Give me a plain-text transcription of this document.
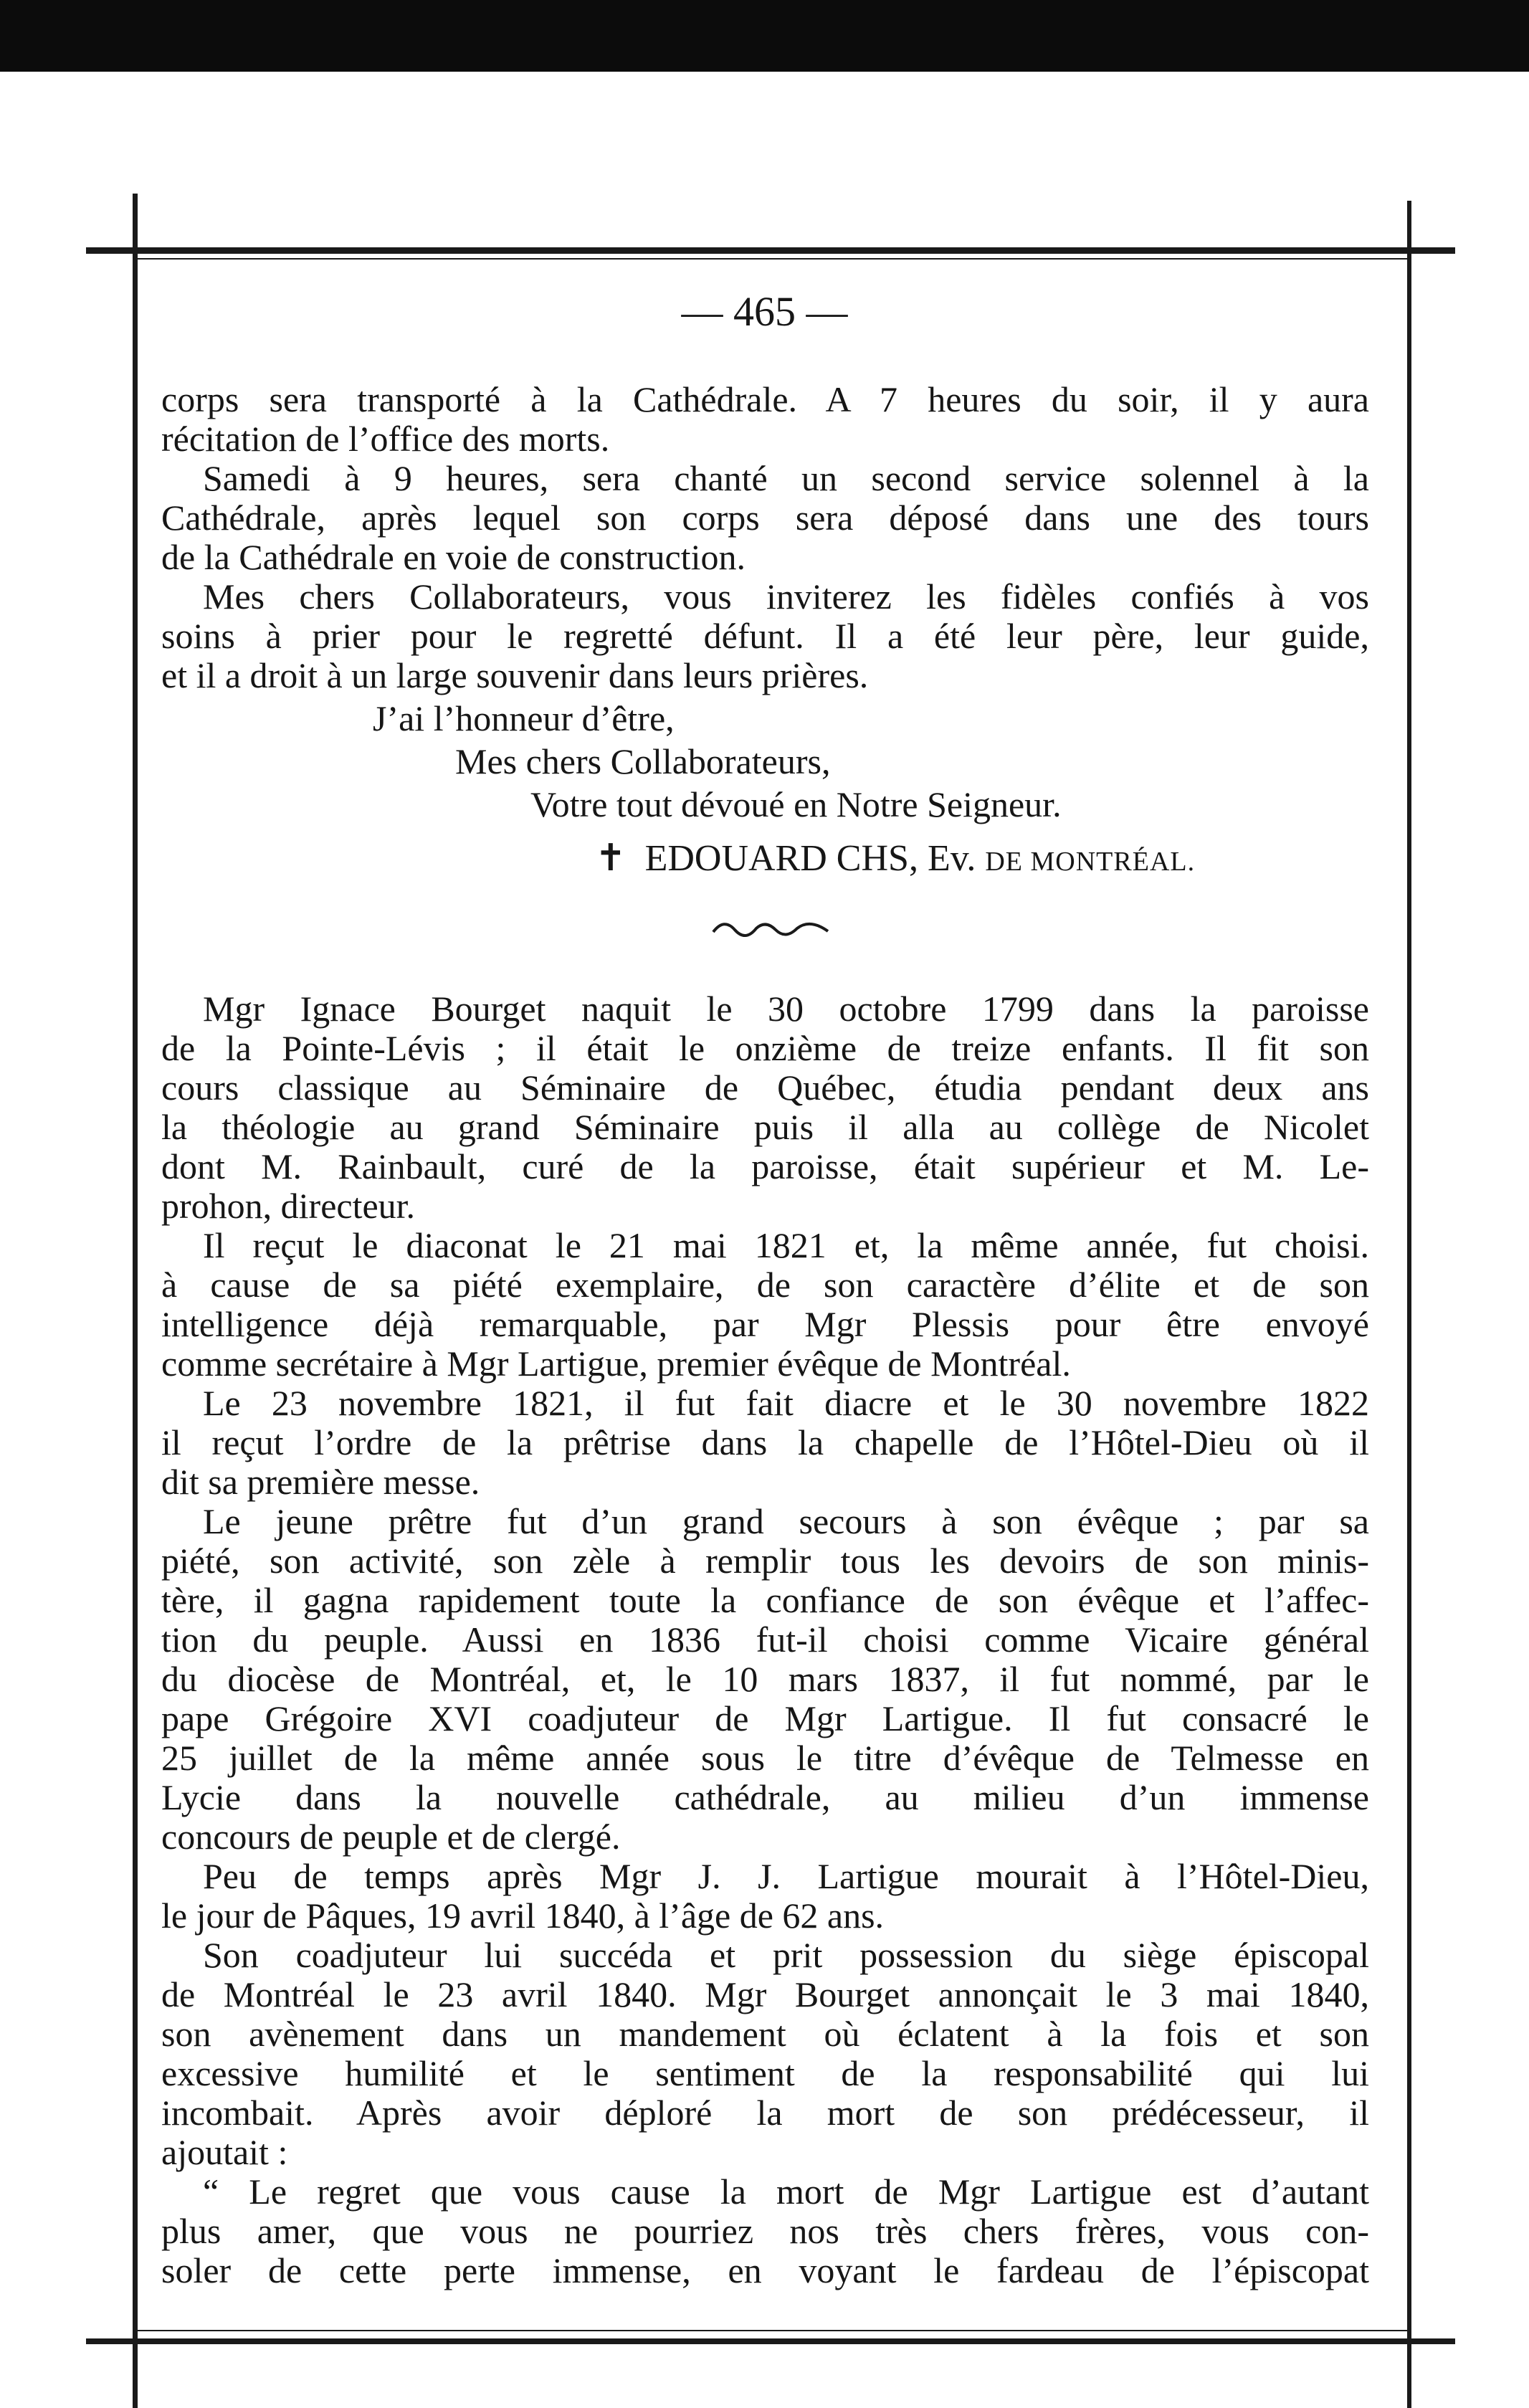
— 465 —
corps sera transporté à la Cathédrale. A 7 heures du soir, il y aura
récitation de l’office des morts.
Samedi à 9 heures, sera chanté un second service solennel à la
Cathédrale, après lequel son corps sera déposé dans une des tours
de la Cathédrale en voie de construction.
Mes chers Collaborateurs, vous inviterez les fidèles confiés à vos
soins à prier pour le regretté défunt. Il a été leur père, leur guide,
et il a droit à un large souvenir dans leurs prières.
J’ai l’honneur d’être,
Mes chers Collaborateurs,
Votre tout dévoué en Notre Seigneur.
✝ EDOUARD CHS, Ev. DE MONTRÉAL.
Mgr Ignace Bourget naquit le 30 octobre 1799 dans la paroisse
de la Pointe-Lévis ; il était le onzième de treize enfants. Il fit son
cours classique au Séminaire de Québec, étudia pendant deux ans
la théologie au grand Séminaire puis il alla au collège de Nicolet
dont M. Rainbault, curé de la paroisse, était supérieur et M. Le-
prohon, directeur.
Il reçut le diaconat le 21 mai 1821 et, la même année, fut choisi.
à cause de sa piété exemplaire, de son caractère d’élite et de son
intelligence déjà remarquable, par Mgr Plessis pour être envoyé
comme secrétaire à Mgr Lartigue, premier évêque de Montréal.
Le 23 novembre 1821, il fut fait diacre et le 30 novembre 1822
il reçut l’ordre de la prêtrise dans la chapelle de l’Hôtel-Dieu où il
dit sa première messe.
Le jeune prêtre fut d’un grand secours à son évêque ; par sa
piété, son activité, son zèle à remplir tous les devoirs de son minis-
tère, il gagna rapidement toute la confiance de son évêque et l’affec-
tion du peuple. Aussi en 1836 fut-il choisi comme Vicaire général
du diocèse de Montréal, et, le 10 mars 1837, il fut nommé, par le
pape Grégoire XVI coadjuteur de Mgr Lartigue. Il fut consacré le
25 juillet de la même année sous le titre d’évêque de Telmesse en
Lycie dans la nouvelle cathédrale, au milieu d’un immense
concours de peuple et de clergé.
Peu de temps après Mgr J. J. Lartigue mourait à l’Hôtel-Dieu,
le jour de Pâques, 19 avril 1840, à l’âge de 62 ans.
Son coadjuteur lui succéda et prit possession du siège épiscopal
de Montréal le 23 avril 1840. Mgr Bourget annonçait le 3 mai 1840,
son avènement dans un mandement où éclatent à la fois et son
excessive humilité et le sentiment de la responsabilité qui lui
incombait. Après avoir déploré la mort de son prédécesseur, il
ajoutait :
“ Le regret que vous cause la mort de Mgr Lartigue est d’autant
plus amer, que vous ne pourriez nos très chers frères, vous con-
soler de cette perte immense, en voyant le fardeau de l’épiscopat
